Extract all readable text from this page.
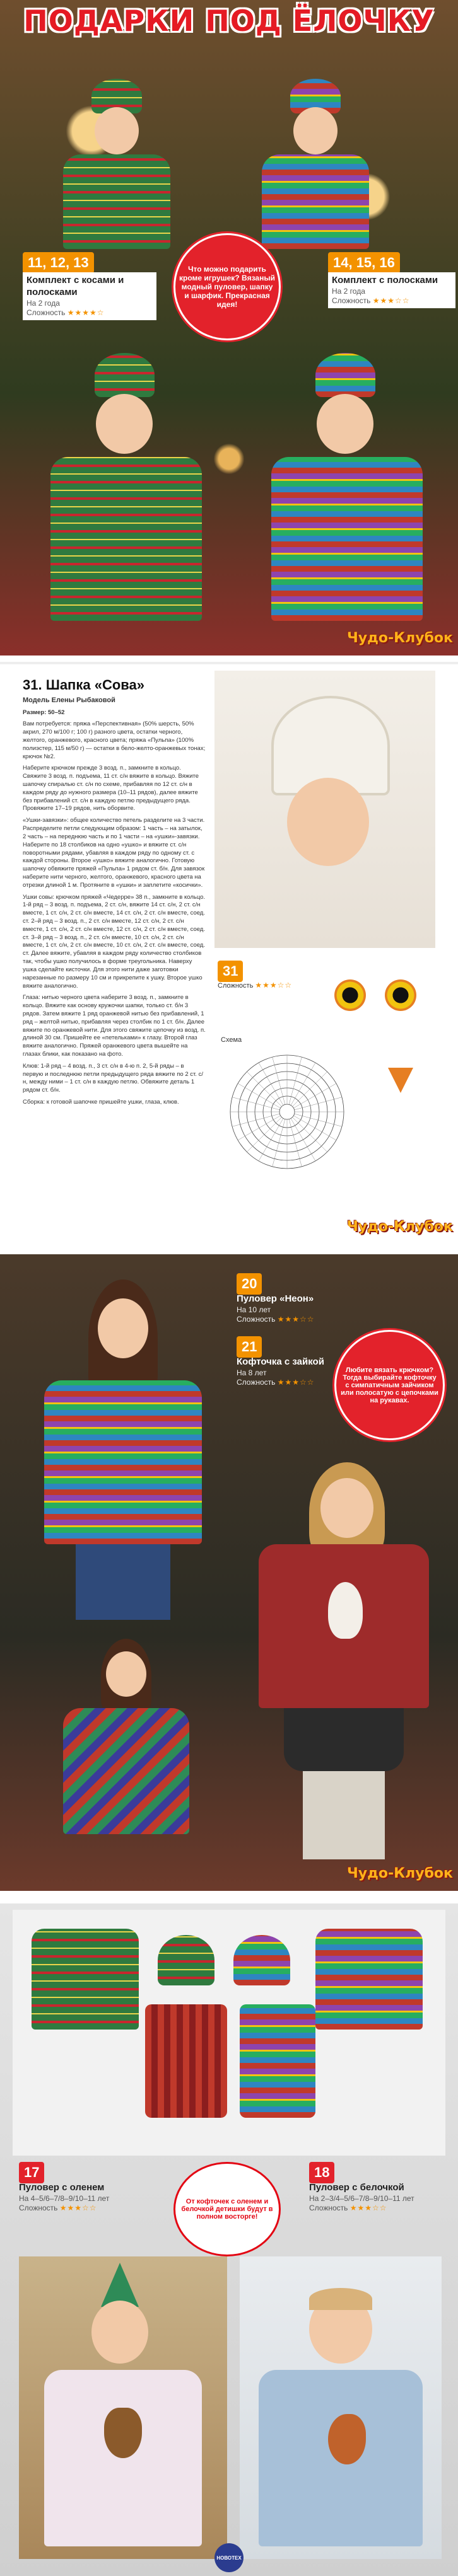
ПОДАРКИ ПОД ЁЛОЧКУ
11, 12, 13
Комплект с косами и полосками
На 2 года
Сложность ★★★★☆
14, 15, 16
Комплект с полосками
На 2 года
Сложность ★★★☆☆
Что можно подарить кроме игрушек? Вязаный модный пуловер, шапку и шарфик. Прекрасная идея!
Чудо-Клубок
31. Шапка «Сова»
Модель Елены Рыбаковой

Размер: 50–52

Вам потребуется: пряжа «Перспективная» (50% шерсть, 50% акрил, 270 м/100 г; 100 г) разного цвета, остатки черного, желтого, оранжевого, красного цвета; пряжа «Пульпа» (100% полиэстер, 115 м/50 г) — остатки в бело-желто-оранжевых тонах; крючок №2.

Наберите крючком прежде 3 возд. п., замкните в кольцо. Свяжите 3 возд. п. подъема, 11 ст. с/н вяжите в кольцо. Вяжите шапочку спиралью ст. с/н по схеме, прибавляя по 12 ст. с/н в каждом ряду до нужного размера (10–11 рядов), далее вяжите без прибавлений ст. с/н в каждую петлю предыдущего ряда. Провяжите 17–19 рядов, нить оборвите.

«Ушки-завязки»: общее количество петель разделите на 3 части. Распределите петли следующим образом: 1 часть – на затылок, 2 часть – на переднюю часть и по 1 части – на «ушки»-завязки. Наберите по 18 столбиков на одно «ушко» и вяжите ст. с/н поворотными рядами, убавляя в каждом ряду по одному ст. с каждой стороны. Второе «ушко» вяжите аналогично. Готовую шапочку обвяжите пряжей «Пульпа» 1 рядом ст. б/н. Для завязок наберите нити черного, желтого, оранжевого, красного цвета на отрезки длиной 1 м. Протяните в «ушки» и заплетите «косички».

Ушки совы: крючком пряжей «Чедерре» 38 п., замкните в кольцо. 1-й ряд – 3 возд. п. подъема, 2 ст. с/н, вяжите 14 ст. с/н, 2 ст. с/н вместе, 1 ст. с/н, 2 ст. с/н вместе, 14 ст. с/н, 2 ст. с/н вместе, соед. ст. 2–й ряд – 3 возд. п., 2 ст. с/н вместе, 12 ст. с/н, 2 ст. с/н вместе, 1 ст. с/н, 2 ст. с/н вместе, 12 ст. с/н, 2 ст. с/н вместе, соед. ст. 3–й ряд – 3 возд. п., 2 ст. с/н вместе, 10 ст. с/н, 2 ст. с/н вместе, 1 ст. с/н, 2 ст. с/н вместе, 10 ст. с/н, 2 ст. с/н вместе, соед. ст. Далее вяжите, убавляя в каждом ряду количество столбиков так, чтобы ушко получилось в форме треугольника. Наверху ушка сделайте кисточки. Для этого нити даже заготовки нарезанные по размеру 10 см и прикрепите к ушку. Второе ушко вяжите аналогично.

Глаза: нитью черного цвета наберите 3 возд. п., замкните в кольцо. Вяжите как основу кружочки шапки, только ст. б/н 3 рядов. Затем вяжите 1 ряд оранжевой нитью без прибавлений, 1 ряд – желтой нитью, прибавляя через столбик по 1 ст. б/н. Далее вяжите по оранжевой нити. Для этого свяжите цепочку из возд. п. длиной 30 см. Пришейте ее «петельками» к глазу. Второй глаз вяжите аналогично. Пряжей оранжевого цвета вышейте на глазах блики, как показано на фото.

Клюв: 1-й ряд – 4 возд. п., 3 ст. с/н в 4-ю п. 2, 5-й ряды – в первую и последнюю петли предыдущего ряда вяжите по 2 ст. с/н, между ними – 1 ст. с/н в каждую петлю. Обвяжите деталь 1 рядом ст. б/н.

Сборка: к готовой шапочке пришейте ушки, глаза, клюв.

31
Сложность ★★★☆☆
Схема
Чудо-Клубок
20
Пуловер «Неон»
На 10 лет
Сложность ★★★☆☆
21
Кофточка с зайкой
На 8 лет
Сложность ★★★☆☆
Любите вязать крючком? Тогда выбирайте кофточку с симпатичным зайчиком или полосатую с цепочками на рукавах.
Чудо-Клубок
17
Пуловер с оленем
На 4–5/6–7/8–9/10–11 лет
Сложность ★★★☆☆
От кофточек с оленем и белочкой детишки будут в полном восторге!
18
Пуловер с белочкой
На 2–3/4–5/6–7/8–9/10–11 лет
Сложность ★★★☆☆
НОВОТЕХ
